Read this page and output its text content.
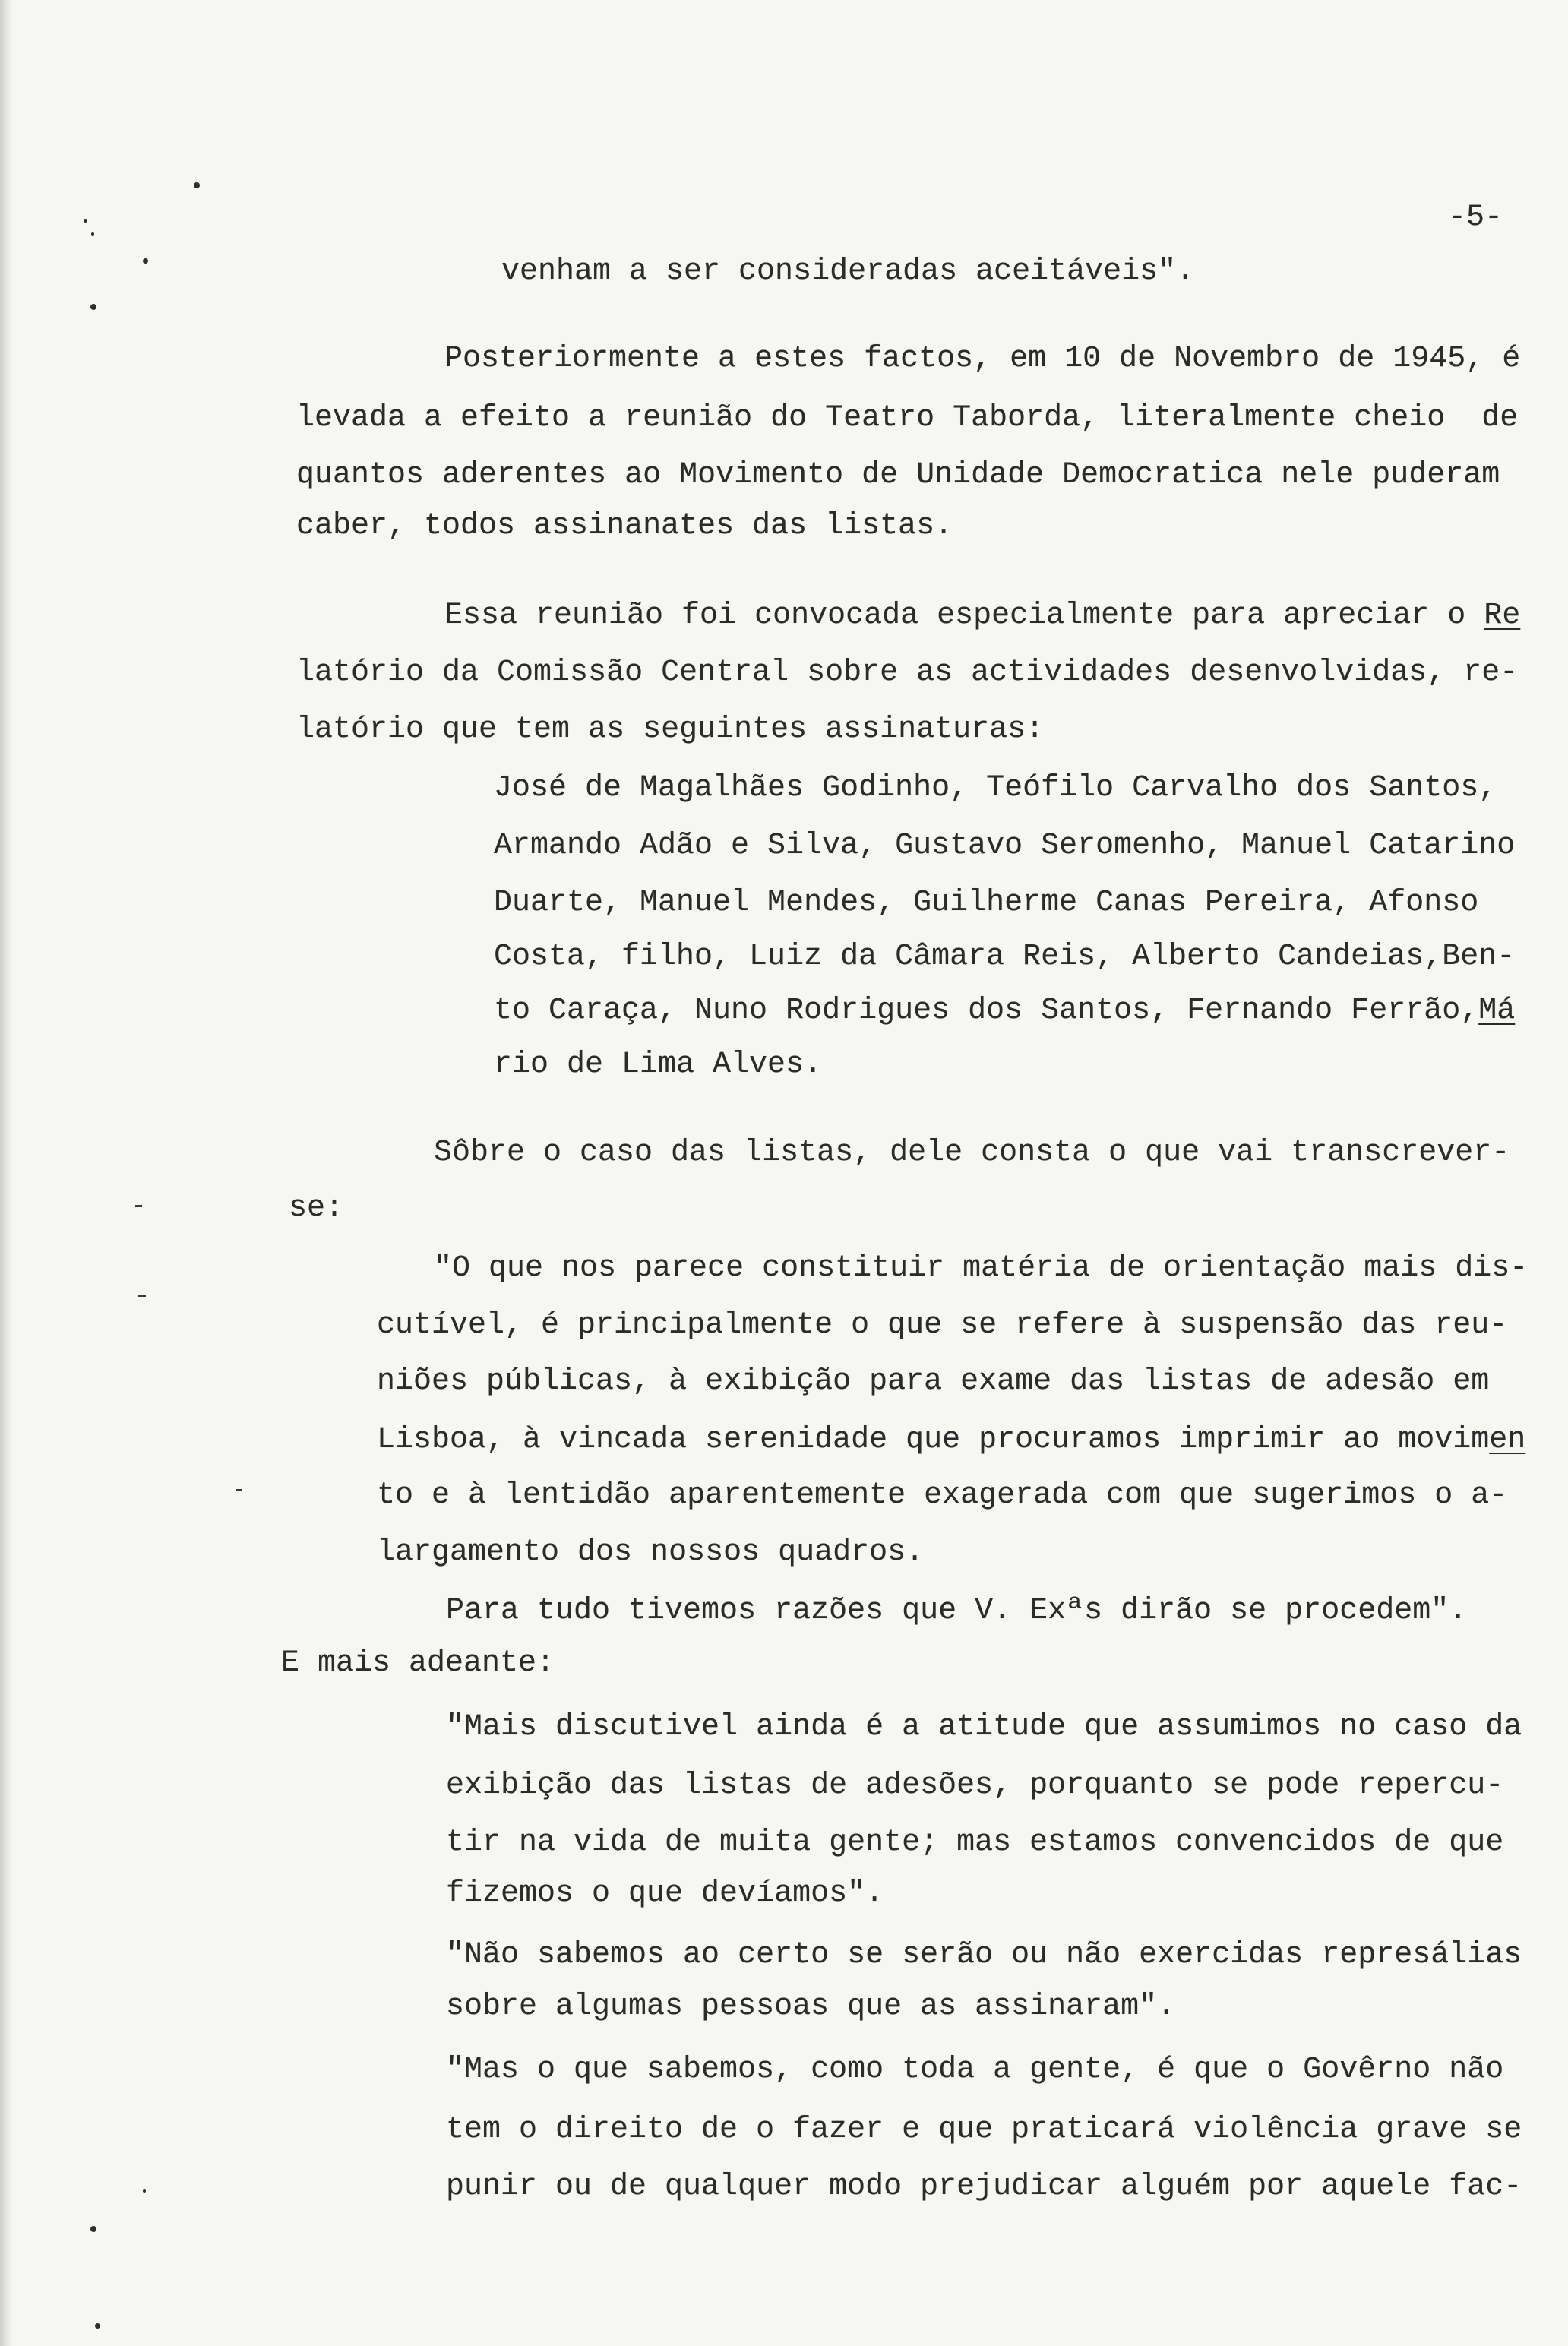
-5-
venham a ser consideradas aceitáveis".
Posteriormente a estes factos, em 10 de Novembro de 1945, é
levada a efeito a reunião do Teatro Taborda, literalmente cheio  de
quantos aderentes ao Movimento de Unidade Democratica nele puderam
caber, todos assinanates das listas.
Essa reunião foi convocada especialmente para apreciar o Re
latório da Comissão Central sobre as actividades desenvolvidas, re-
latório que tem as seguintes assinaturas:
José de Magalhães Godinho, Teófilo Carvalho dos Santos,
Armando Adão e Silva, Gustavo Seromenho, Manuel Catarino
Duarte, Manuel Mendes, Guilherme Canas Pereira, Afonso
Costa, filho, Luiz da Câmara Reis, Alberto Candeias,Ben-
to Caraça, Nuno Rodrigues dos Santos, Fernando Ferrão,Má
rio de Lima Alves.
Sôbre o caso das listas, dele consta o que vai transcrever-
se:
"O que nos parece constituir matéria de orientação mais dis-
cutível, é principalmente o que se refere à suspensão das reu-
niões públicas, à exibição para exame das listas de adesão em
Lisboa, à vincada serenidade que procuramos imprimir ao movimen
to e à lentidão aparentemente exagerada com que sugerimos o a-
largamento dos nossos quadros.
Para tudo tivemos razões que V. Exªs dirão se procedem".
E mais adeante:
"Mais discutivel ainda é a atitude que assumimos no caso da
exibição das listas de adesões, porquanto se pode repercu-
tir na vida de muita gente; mas estamos convencidos de que
fizemos o que devíamos".
"Não sabemos ao certo se serão ou não exercidas represálias
sobre algumas pessoas que as assinaram".
"Mas o que sabemos, como toda a gente, é que o Govêrno não
tem o direito de o fazer e que praticará violência grave se
punir ou de qualquer modo prejudicar alguém por aquele fac-
